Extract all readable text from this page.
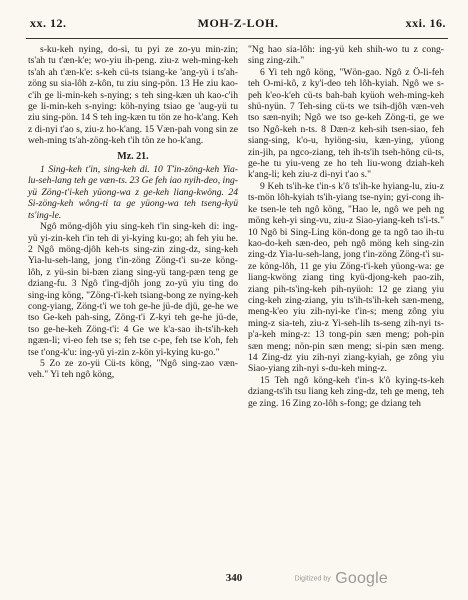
xx. 12.	MOH-Z-LOH.	xxi. 16.

s-ku-keh nying, do-si, tu pyi ze zo-yu min-zin; ts'ah tu t'æn-k'e; wo-yiu ih-peng. ziu-z weh-ming-keh ts'ah ah t'æn-k'e: s-keh cü-ts tsiang-ke 'ang-yü i ts'ah-zöng su sia-lôh z-kôn, tu ziu sing-pön. 13 He ziu kao-c'ih ge li-min-keh s-nying; s teh sing-kæn uh kao-c'ih ge li-min-keh s-nying: köh-nying tsiao ge 'aug-yü tu ziu sing-pön. 14 S teh ing-kæn tu tön ze ho-k'ang. Keh z di-nyi t'ao s, ziu-z ho-k'ang. 15 Væn-pah vong sin ze weh-ming ts'ah-zöng-keh t'ih tön ze ho-k'ang.

Mz. 21.

1 Sing-keh t'in, sing-keh di. 10 T'in-zöng-keh Yia-lu-seh-lang teh ge væn-ts. 23 Ge feh iao nyih-deo, ing-yü Zöng-t'i-keh yüong-wa z ge-keh liang-kwöng. 24 Si-zöng-keh wông-ti ta ge yüong-wa teh tseng-kyü ts'ing-le.

Ngô möng-djôh yiu sing-keh t'in sing-keh di: ing-yü yi-zin-keh t'in teh di yi-kying ku-go; ah feh yiu he. 2 Ngô möng-djôh keh-ts sing-zin zing-dz, sing-keh Yia-lu-seh-lang, jong t'in-zöng Zöng-t'i su-ze köng-lôh, z yü-sin bi-bæn ziang sing-yü tang-pæn teng ge dziang-fu. 3 Ngô t'ing-djôh jong zo-yü yiu ting do sing-ing köng, "Zöng-t'i-keh tsiang-bong ze nying-keh cong-yiang, Zöng-t'i we toh ge-he jü-de djü, ge-he we tso Ge-keh pah-sing, Zöng-t'i Z-kyi teh ge-he jü-de, tso ge-he-keh Zöng-t'i: 4 Ge we k'a-sao ih-ts'ih-keh ngæn-li; vi-eo feh tse s; feh tse c-pe, feh tse k'oh, feh tse t'ong-k'u: ing-yü yi-zin z-kön yi-kying ku-go."

5 Zo ze zo-yü Cü-ts köng, "Ngô sing-zao væn-veh." Yi teh ngô köng,

"Ng hao sia-lôh: ing-yü keh shih-wo tu z cong-sing zing-zih."

6 Yi teh ngô köng, "Wön-gao. Ngô z Ö-li-feh teh O-mi-kô, z ky'i-deo teh lôh-kyiah. Ngô we s-peh k'eo-k'eh cü-ts bah-bah kyüoh weh-ming-keh shü-nyün. 7 Teh-sing cü-ts we tsih-djôh væn-veh tso sæn-nyih; Ngô we tso ge-keh Zöng-ti, ge we tso Ngô-keh n-ts. 8 Dæn-z keh-sih tsen-siao, feh siang-sing, k'o-u, hyiöng-siu, kæn-ying, yüong zin-jih, pa ngco-ziang, teh ih-ts'ih tseh-höng cü-ts, ge-he tu yiu-veng ze ho teh liu-wong dziah-keh k'ang-li; keh ziu-z di-nyi t'ao s."

9 Keh ts'ih-ke t'in-s k'ô ts'ih-ke hyiang-lu, ziu-z ts-mön lôh-kyiah ts'ih-yiang tse-nyin; gyi-cong ih-ke tsen-le teh ngô köng, "Hao le, ngô we peh ng möng keh-yi sing-vu, ziu-z Siao-yiang-keh ts'i-ts." 10 Ngô bi Sing-Ling kön-dong ge ta ngô tao ih-tu kao-do-keh sæn-deo, peh ngô möng keh sing-zin zing-dz Yia-lu-seh-lang, jong t'in-zöng Zöng-t'i su-ze köng-lôh, 11 ge yiu Zöng-t'i-keh yüong-wa: ge liang-kwöng ziang ting kyü-djong-keh pao-zih, ziang pih-ts'ing-keh pih-nyüoh: 12 ge ziang yiu cing-keh zing-ziang, yiu ts'ih-ts'ih-keh sæn-meng, meng-k'eo yiu zih-nyi-ke t'in-s; meng zông yiu ming-z sia-teh, ziu-z Yi-seh-lih ts-seng zih-nyi ts-p'a-keh ming-z: 13 tong-pin sæn meng; poh-pin sæn meng; nön-pin sæn meng; si-pin sæn meng. 14 Zing-dz yiu zih-nyi ziang-kyiah, ge zông yiu Siao-yiang zih-nyi s-du-keh ming-z.

15 Teh ngô köng-keh t'in-s k'ô kying-ts-keh dziang-ts'ih tsu liang keh zing-dz, teh ge meng, teh ge zing. 16 Zing zo-lôh s-fong; ge dziang teh

340	Digitized by Google
